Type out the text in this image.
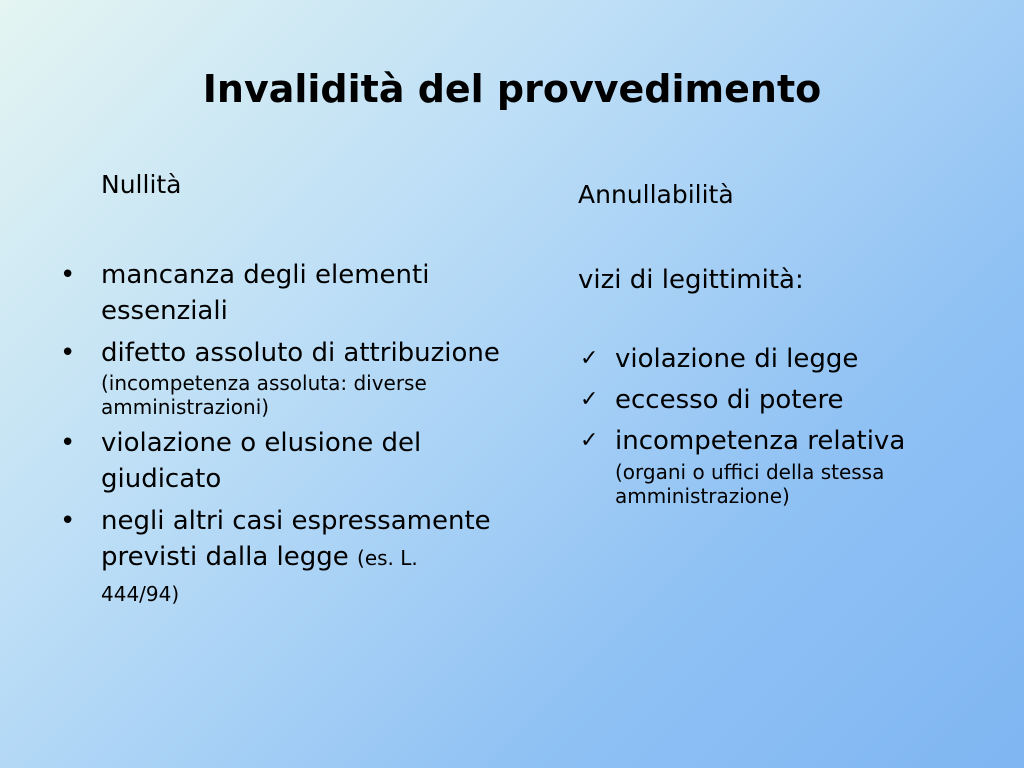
Invalidità del provvedimento

Nullità	Annullabilità

• mancanza degli elementi essenziali
• difetto assoluto di attribuzione
(incompetenza assoluta: diverse amministrazioni)
• violazione o elusione del giudicato
• negli altri casi espressamente previsti dalla legge (es. L. 444/94)

vizi di legittimità:

✓ violazione di legge
✓ eccesso di potere
✓ incompetenza relativa
(organi o uffici della stessa amministrazione)
